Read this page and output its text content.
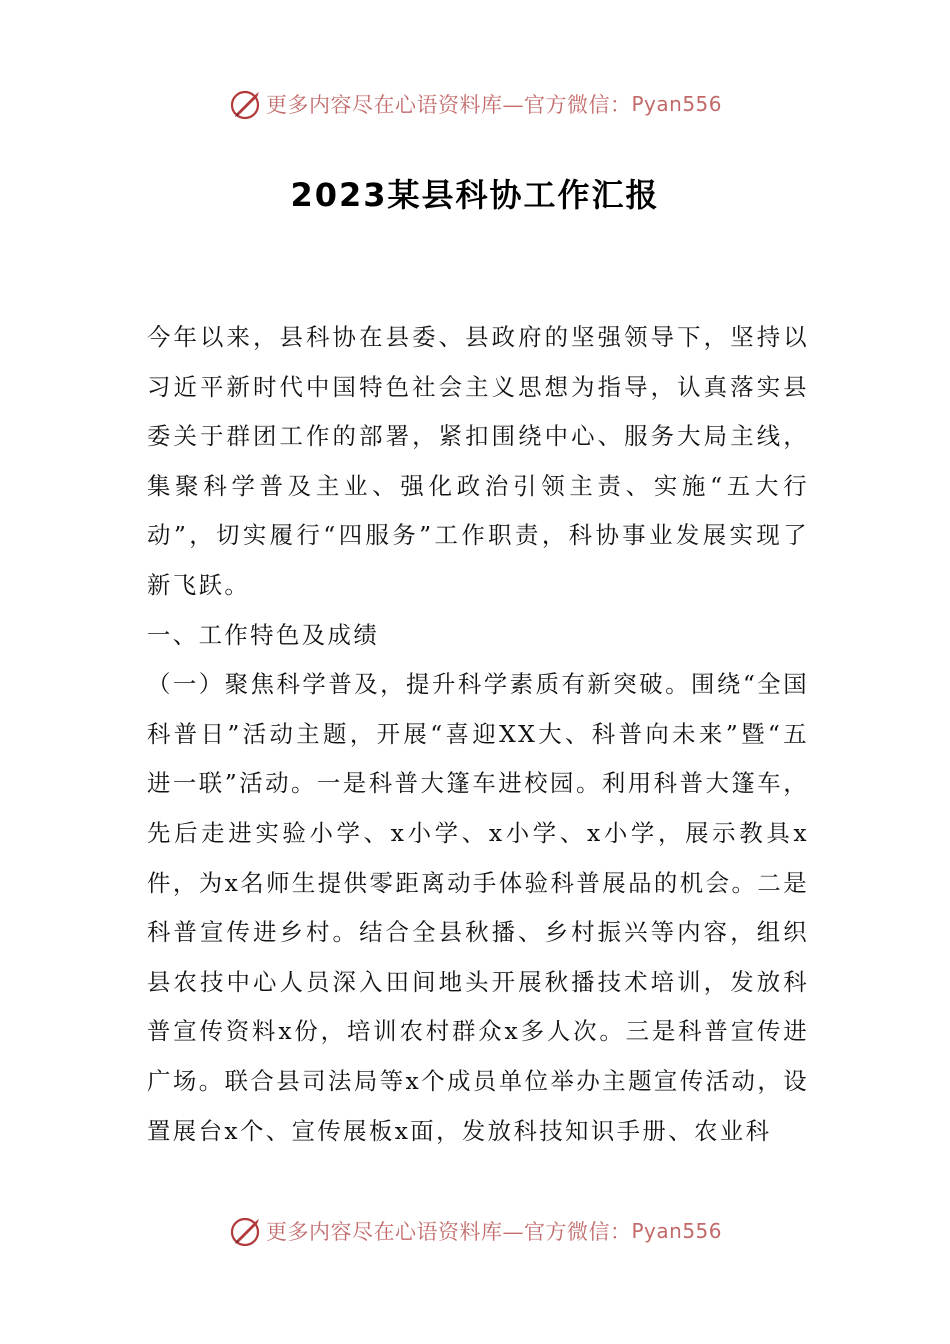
更多内容尽在心语资料库—官方微信： Pyan556
2023某县科协工作汇报

今年以来，县科协在县委、县政府的坚强领导下，坚持以习近平新时代中国特色社会主义思想为指导，认真落实县委关于群团工作的部署，紧扣围绕中心、服务大局主线，集聚科学普及主业、强化政治引领主责、实施“五大行动”，切实履行“四服务”工作职责，科协事业发展实现了新飞跃。

一、工作特色及成绩

（一）聚焦科学普及，提升科学素质有新突破。围绕“全国科普日”活动主题，开展“喜迎XX大、科普向未来”暨“五进一联”活动。一是科普大篷车进校园。利用科普大篷车，先后走进实验小学、x小学、x小学、x小学，展示教具x件，为x名师生提供零距离动手体验科普展品的机会。二是科普宣传进乡村。结合全县秋播、乡村振兴等内容，组织县农技中心人员深入田间地头开展秋播技术培训，发放科普宣传资料x份，培训农村群众x多人次。三是科普宣传进广场。联合县司法局等x个成员单位举办主题宣传活动，设置展台x个、宣传展板x面，发放科技知识手册、农业科

更多内容尽在心语资料库—官方微信： Pyan556
